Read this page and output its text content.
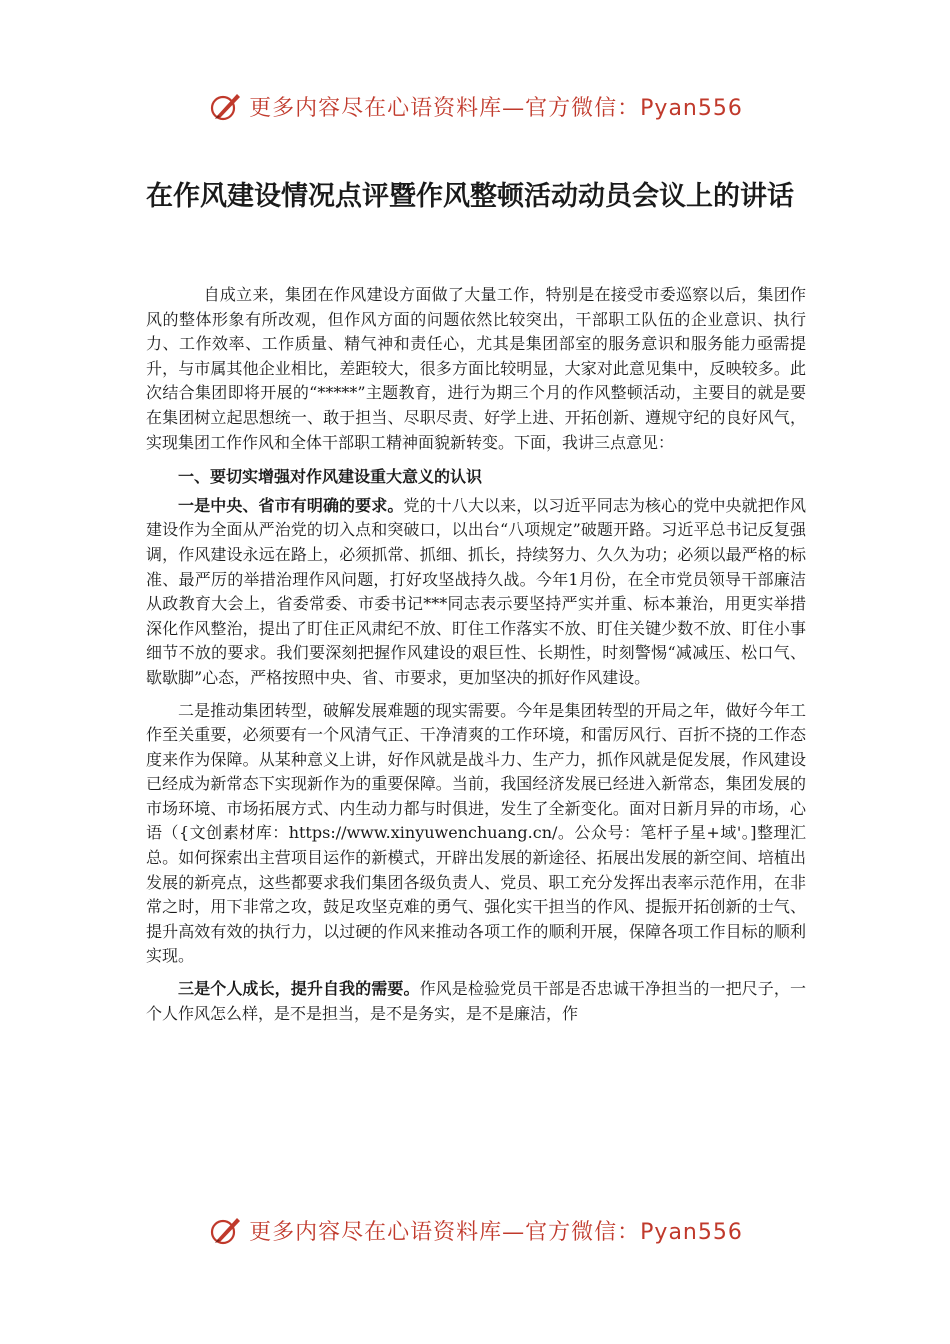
更多内容尽在心语资料库—官方微信：Pyan556
在作风建设情况点评暨作风整顿活动动员会议上的讲话

自成立来，集团在作风建设方面做了大量工作，特别是在接受市委巡察以后，集团作风的整体形象有所改观，但作风方面的问题依然比较突出，干部职工队伍的企业意识、执行力、工作效率、工作质量、精气神和责任心，尤其是集团部室的服务意识和服务能力亟需提升，与市属其他企业相比，差距较大，很多方面比较明显，大家对此意见集中，反映较多。此次结合集团即将开展的“*****”主题教育，进行为期三个月的作风整顿活动，主要目的就是要在集团树立起思想统一、敢于担当、尽职尽责、好学上进、开拓创新、遵规守纪的良好风气，实现集团工作作风和全体干部职工精神面貌新转变。下面，我讲三点意见：

一、要切实增强对作风建设重大意义的认识

一是中央、省市有明确的要求。党的十八大以来，以习近平同志为核心的党中央就把作风建设作为全面从严治党的切入点和突破口，以出台“八项规定”破题开路。习近平总书记反复强调，作风建设永远在路上，必须抓常、抓细、抓长，持续努力、久久为功；必须以最严格的标准、最严厉的举措治理作风问题，打好攻坚战持久战。今年1月份，在全市党员领导干部廉洁从政教育大会上，省委常委、市委书记***同志表示要坚持严实并重、标本兼治，用更实举措深化作风整治，提出了盯住正风肃纪不放、盯住工作落实不放、盯住关键少数不放、盯住小事细节不放的要求。我们要深刻把握作风建设的艰巨性、长期性，时刻警惕“减减压、松口气、歇歇脚”心态，严格按照中央、省、市要求，更加坚决的抓好作风建设。

二是推动集团转型，破解发展难题的现实需要。今年是集团转型的开局之年，做好今年工作至关重要，必须要有一个风清气正、干净清爽的工作环境，和雷厉风行、百折不挠的工作态度来作为保障。从某种意义上讲，好作风就是战斗力、生产力，抓作风就是促发展，作风建设已经成为新常态下实现新作为的重要保障。当前，我国经济发展已经进入新常态，集团发展的市场环境、市场拓展方式、内生动力都与时俱进，发生了全新变化。面对日新月异的市场，心语（{文创素材库：https://www.xinyuwenchuang.cn/。公众号：笔杆子星+域'。]整理汇总。如何探索出主营项目运作的新模式，开辟出发展的新途径、拓展出发展的新空间、培植出发展的新亮点，这些都要求我们集团各级负责人、党员、职工充分发挥出表率示范作用，在非常之时，用下非常之攻，鼓足攻坚克难的勇气、强化实干担当的作风、提振开拓创新的士气、提升高效有效的执行力，以过硬的作风来推动各项工作的顺利开展，保障各项工作目标的顺利实现。

三是个人成长，提升自我的需要。作风是检验党员干部是否忠诚干净担当的一把尺子，一个人作风怎么样，是不是担当，是不是务实，是不是廉洁，作

更多内容尽在心语资料库—官方微信：Pyan556
